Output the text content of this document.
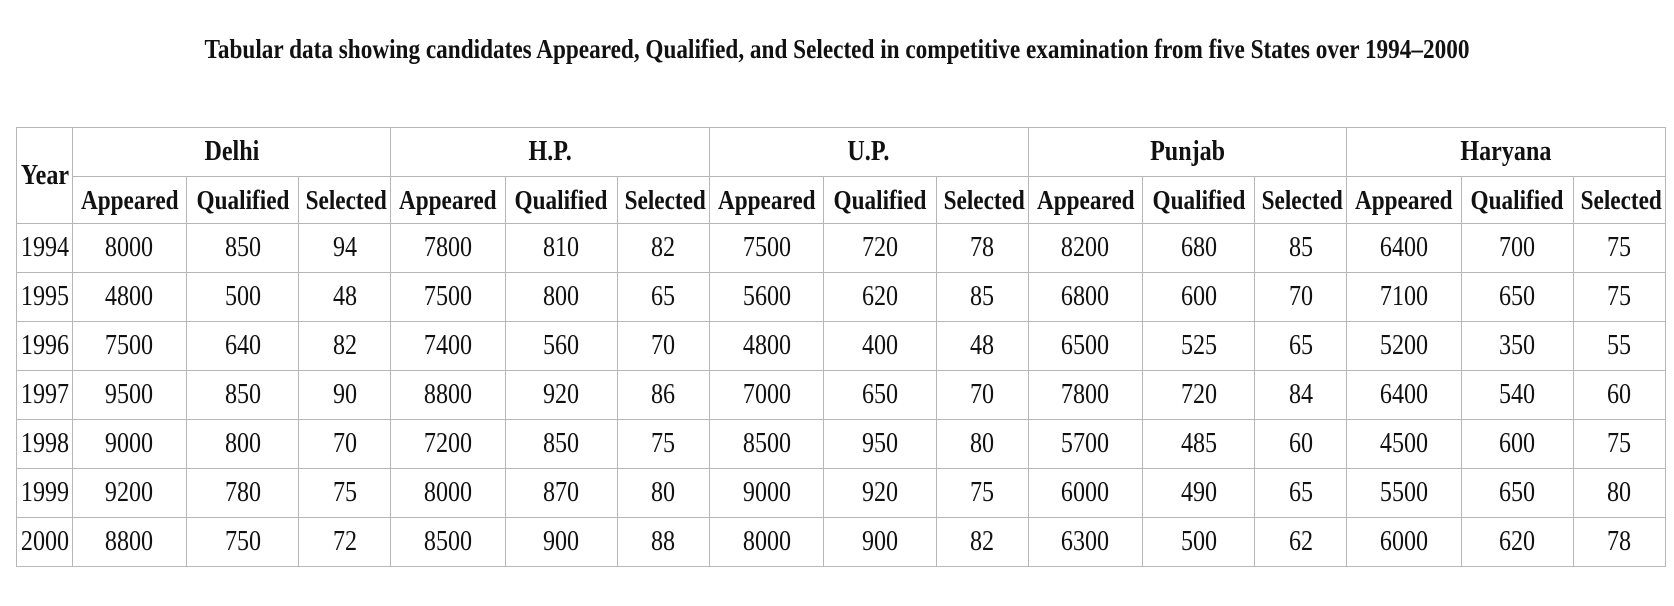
Tabular data showing candidates Appeared, Qualified, and Selected in competitive examination from five States over 1994–2000
Year	Delhi			H.P.			U.P.			Punjab			Haryana		
	Appeared	Qualified	Selected	Appeared	Qualified	Selected	Appeared	Qualified	Selected	Appeared	Qualified	Selected	Appeared	Qualified	Selected
1994	8000	850	94	7800	810	82	7500	720	78	8200	680	85	6400	700	75
1995	4800	500	48	7500	800	65	5600	620	85	6800	600	70	7100	650	75
1996	7500	640	82	7400	560	70	4800	400	48	6500	525	65	5200	350	55
1997	9500	850	90	8800	920	86	7000	650	70	7800	720	84	6400	540	60
1998	9000	800	70	7200	850	75	8500	950	80	5700	485	60	4500	600	75
1999	9200	780	75	8000	870	80	9000	920	75	6000	490	65	5500	650	80
2000	8800	750	72	8500	900	88	8000	900	82	6300	500	62	6000	620	78
